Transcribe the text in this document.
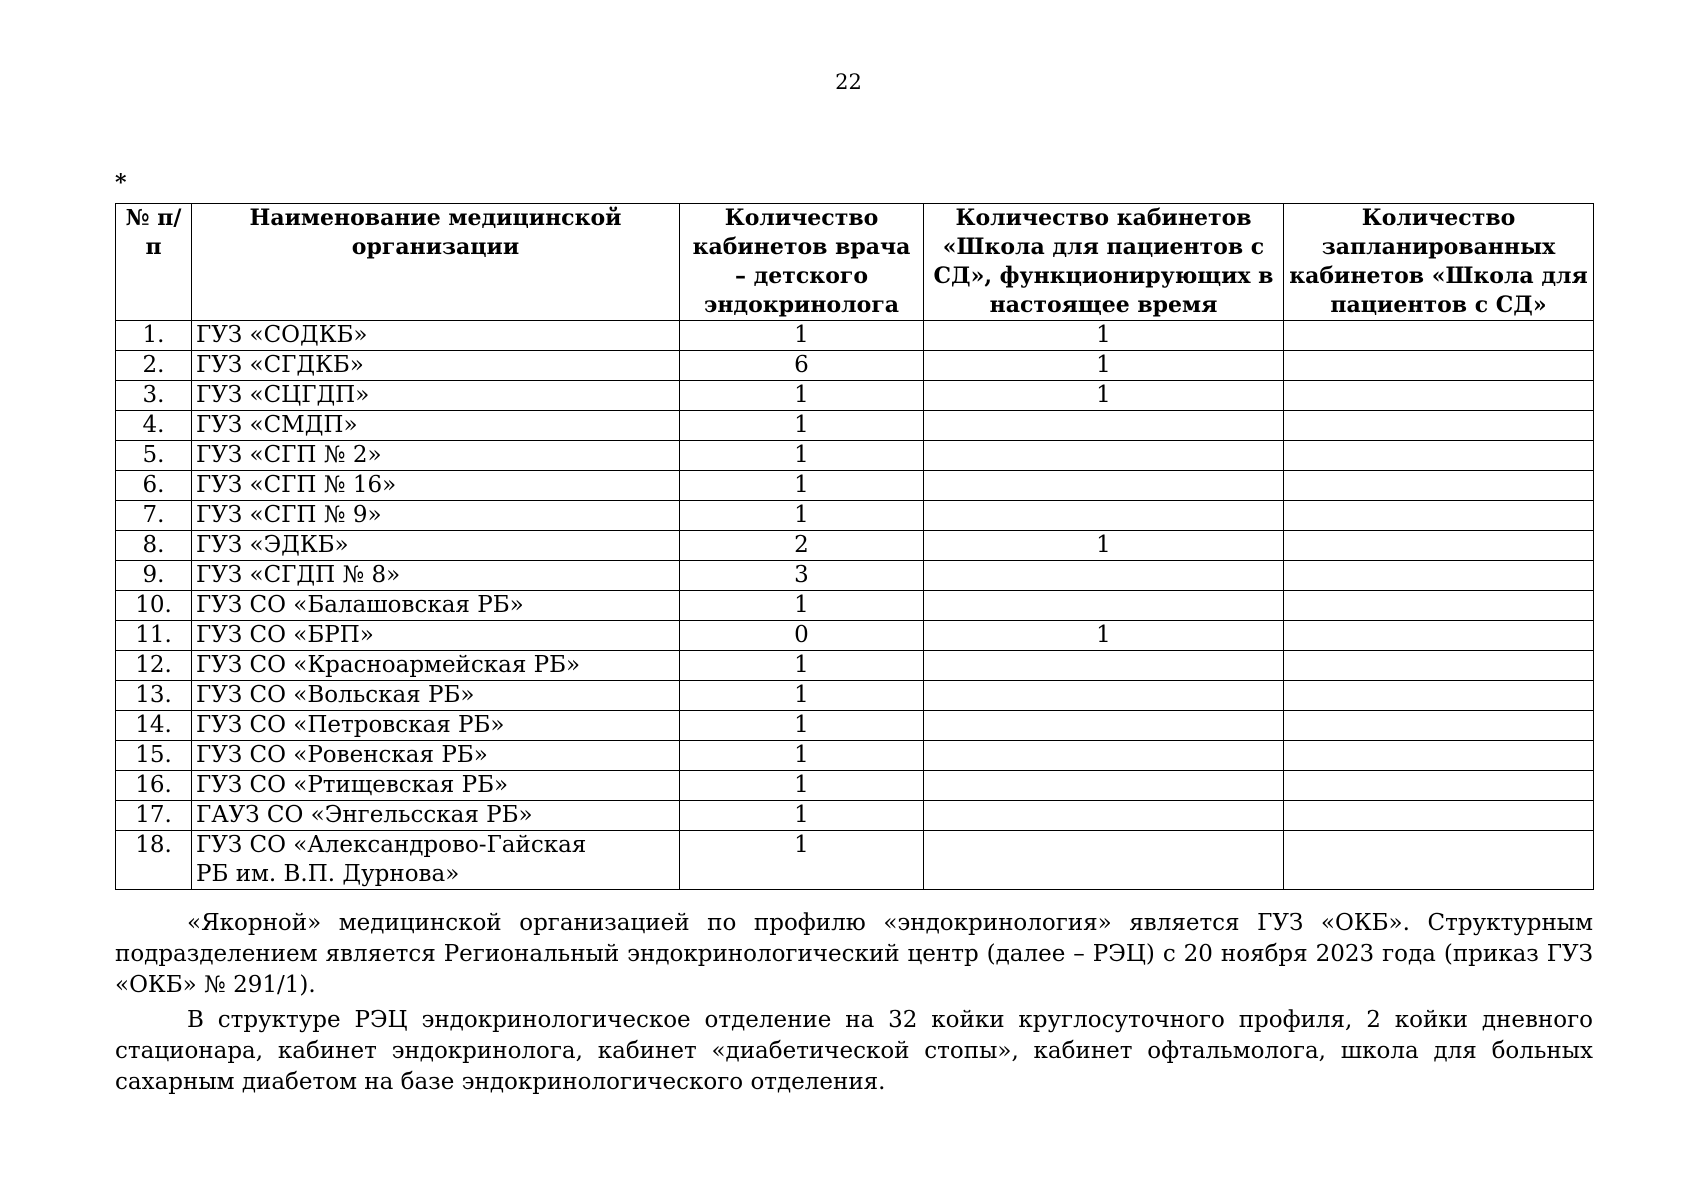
22
*
№ п/п	Наименование медицинской организации	Количество кабинетов врача – детского эндокринолога	Количество кабинетов «Школа для пациентов с СД», функционирующих в настоящее время	Количество запланированных кабинетов «Школа для пациентов с СД»
1.	ГУЗ «СОДКБ»	1	1	
2.	ГУЗ «СГДКБ»	6	1	
3.	ГУЗ «СЦГДП»	1	1	
4.	ГУЗ «СМДП»	1		
5.	ГУЗ «СГП № 2»	1		
6.	ГУЗ «СГП № 16»	1		
7.	ГУЗ «СГП № 9»	1		
8.	ГУЗ «ЭДКБ»	2	1	
9.	ГУЗ «СГДП № 8»	3		
10.	ГУЗ СО «Балашовская РБ»	1		
11.	ГУЗ СО «БРП»	0	1	
12.	ГУЗ СО «Красноармейская РБ»	1		
13.	ГУЗ СО «Вольская РБ»	1		
14.	ГУЗ СО «Петровская РБ»	1		
15.	ГУЗ СО «Ровенская РБ»	1		
16.	ГУЗ СО «Ртищевская РБ»	1		
17.	ГАУЗ СО «Энгельсская РБ»	1		
18.	ГУЗ СО «Александрово-Гайская
РБ им. В.П. Дурнова»	1		

«Якорной» медицинской организацией по профилю «эндокринология» является ГУЗ «ОКБ». Структурным подразделением является Региональный эндокринологический центр (далее – РЭЦ) с 20 ноября 2023 года (приказ ГУЗ «ОКБ» № 291/1).

В структуре РЭЦ эндокринологическое отделение на 32 койки круглосуточного профиля, 2 койки дневного стационара, кабинет эндокринолога, кабинет «диабетической стопы», кабинет офтальмолога, школа для больных сахарным диабетом на базе эндокринологического отделения.
